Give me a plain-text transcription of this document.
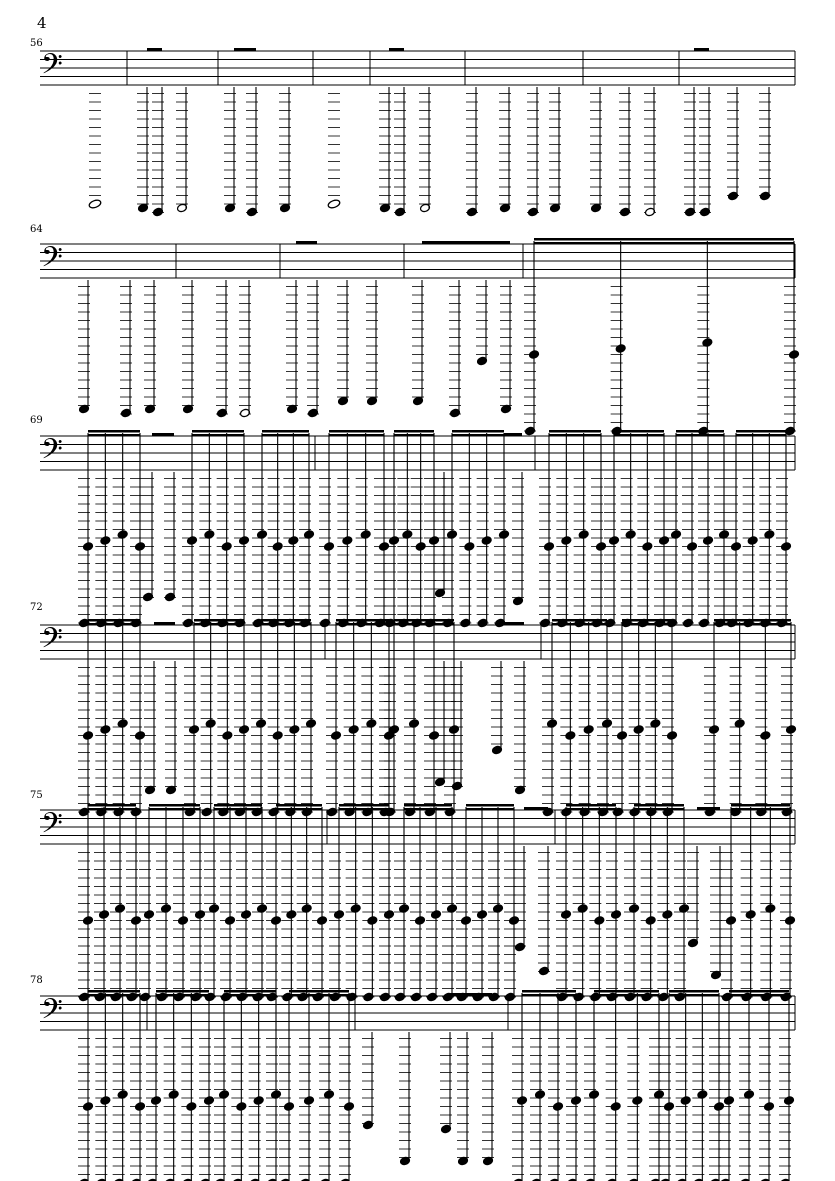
4
56
64
69
72
75
78
𝄢
𝄢
𝄢
𝄢
𝄢
𝄢
